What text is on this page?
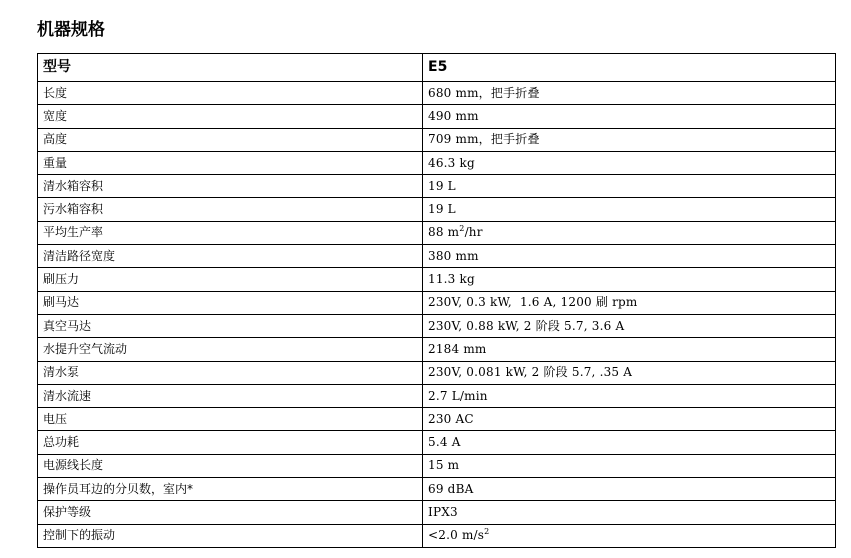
机器规格
型号	E5
长度	680 mm，把手折叠
宽度	490 mm
高度	709 mm，把手折叠
重量	46.3 kg
清水箱容积	19 L
污水箱容积	19 L
平均生产率	88 $m^2/hr$
清洁路径宽度	380 mm
刷压力	11.3 kg
刷马达	230V, 0.3 kW,  1.6 A, 1200 刷 rpm
真空马达	230V, 0.88 kW, 2 阶段 5.7, 3.6 A
水提升空气流动	2184 mm
清水泵	230V, 0.081 kW, 2 阶段 5.7, .35 A
清水流速	2.7 L/min
电压	230 AC
总功耗	5.4 A
电源线长度	15 m
操作员耳边的分贝数，室内*	69 dBA
保护等级	IPX3
控制下的振动	<2.0 $m/s^2$
